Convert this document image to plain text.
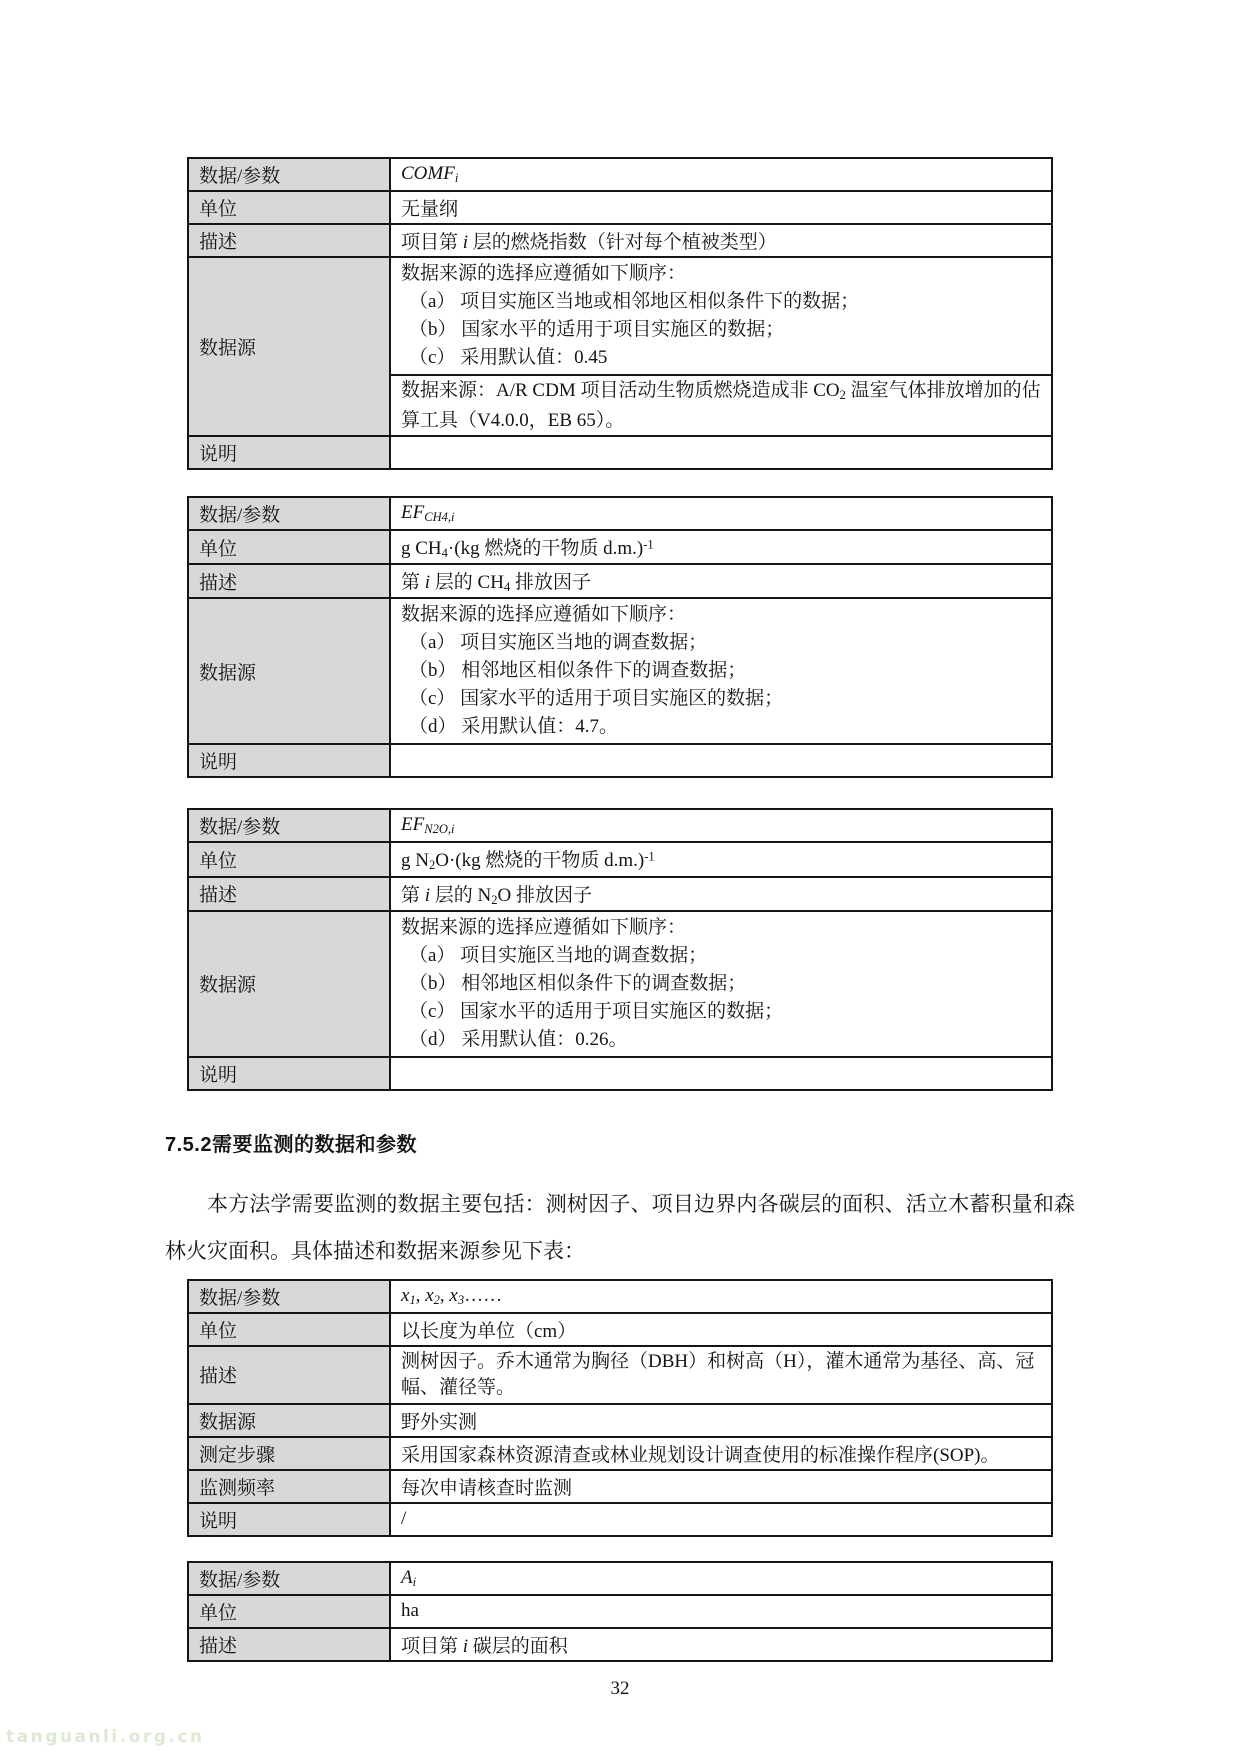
数据/参数	COMFi
单位	无量纲
描述	项目第 i 层的燃烧指数（针对每个植被类型）
数据源	数据来源的选择应遵循如下顺序：
（a） 项目实施区当地或相邻地区相似条件下的数据；
（b） 国家水平的适用于项目实施区的数据；
（c） 采用默认值：0.45

	数据来源：A/R CDM 项目活动生物质燃烧造成非 CO2 温室气体排放增加的估算工具（V4.0.0，EB 65）。

说明	
数据/参数	EFCH4,i
单位	g CH4·(kg 燃烧的干物质 d.m.)$^{-1}$
描述	第 i 层的 CH4 排放因子
数据源	数据来源的选择应遵循如下顺序：
（a） 项目实施区当地的调查数据；
（b） 相邻地区相似条件下的调查数据；
（c） 国家水平的适用于项目实施区的数据；
（d） 采用默认值：4.7。

说明	
数据/参数	EFN2O,i
单位	g N2O·(kg 燃烧的干物质 d.m.)$^{-1}$
描述	第 i 层的 N2O 排放因子
数据源	数据来源的选择应遵循如下顺序：
（a） 项目实施区当地的调查数据；
（b） 相邻地区相似条件下的调查数据；
（c） 国家水平的适用于项目实施区的数据；
（d） 采用默认值：0.26。

说明	
7.5.2需要监测的数据和参数
本方法学需要监测的数据主要包括：测树因子、项目边界内各碳层的面积、活立木蓄积量和森林火灾面积。具体描述和数据来源参见下表：
数据/参数	x1, x2, x3……
单位	以长度为单位（cm）
描述	测树因子。乔木通常为胸径（DBH）和树高（H），灌木通常为基径、高、冠幅、灌径等。
数据源	野外实测
测定步骤	采用国家森林资源清查或林业规划设计调查使用的标准操作程序(SOP)。
监测频率	每次申请核查时监测
说明	/
数据/参数	Ai
单位	ha
描述	项目第 i 碳层的面积
32
tanguanli.org.cn
